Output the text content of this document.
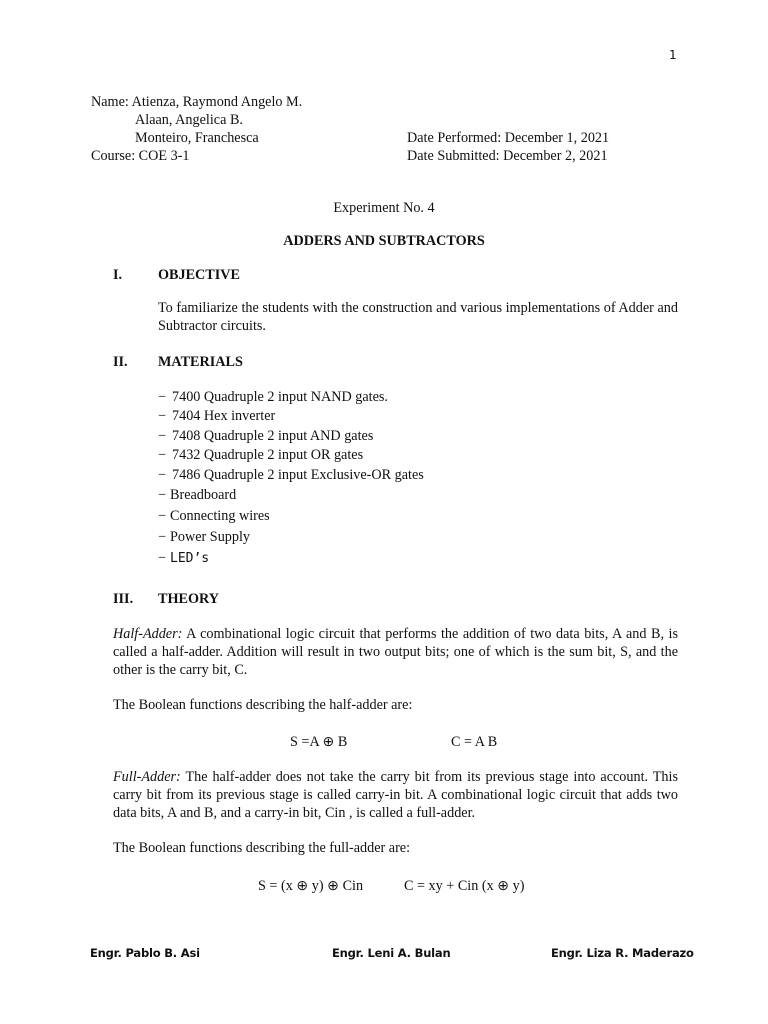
1
Name: Atienza, Raymond Angelo M.
Alaan, Angelica B.
Monteiro, Franchesca
Course: COE 3-1
Date Performed: December 1, 2021
Date Submitted: December 2, 2021
Experiment No. 4
ADDERS AND SUBTRACTORS
I.	OBJECTIVE
To familiarize the students with the construction and various implementations of Adder and Subtractor circuits.
II. MATERIALS
− 7400 Quadruple 2 input NAND gates.
− 7404 Hex inverter
− 7408 Quadruple 2 input AND gates
− 7432 Quadruple 2 input OR gates
− 7486 Quadruple 2 input Exclusive-OR gates
− Breadboard
− Connecting wires
− Power Supply
− LED’s
III. THEORY
Half-Adder: A combinational logic circuit that performs the addition of two data bits, A and B, is called a half-adder. Addition will result in two output bits; one of which is the sum bit, S, and the other is the carry bit, C.
The Boolean functions describing the half-adder are:
S =A ⊕ B	C = A B
Full-Adder: The half-adder does not take the carry bit from its previous stage into account. This carry bit from its previous stage is called carry-in bit. A combinational logic circuit that adds two data bits, A and B, and a carry-in bit, Cin , is called a full-adder.
The Boolean functions describing the full-adder are:
S = (x ⊕ y) ⊕ Cin	C = xy + Cin (x ⊕ y)
Engr. Pablo B. Asi	Engr. Leni A. Bulan	Engr. Liza R. Maderazo
